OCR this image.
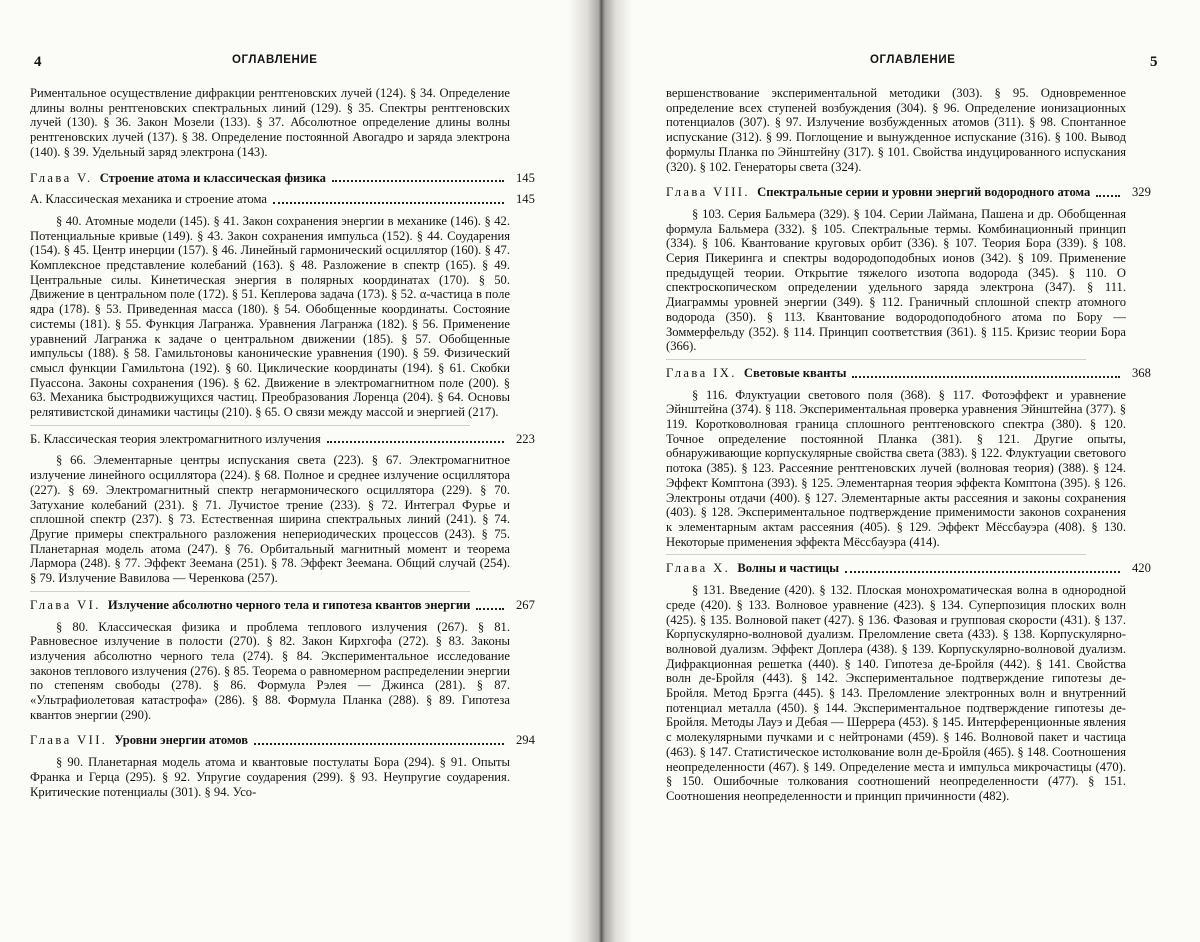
4	ОГЛАВЛЕНИЕ

Риментальное осуществление дифракции рентгеновских лучей (124). § 34. Определение длины волны рентгеновских спектральных линий (129). § 35. Спектры рентгеновских лучей (130). § 36. Закон Мозели (133). § 37. Абсолютное определение длины волны рентгеновских лучей (137). § 38. Определение постоянной Авогадро и заряда электрона (140). § 39. Удельный заряд электрона (143).

Глава V. Строение атома и классическая физика	145
А. Классическая механика и строение атома	145

§ 40. Атомные модели (145). § 41. Закон сохранения энергии в механике (146). § 42. Потенциальные кривые (149). § 43. Закон сохранения импульса (152). § 44. Соударения (154). § 45. Центр инерции (157). § 46. Линейный гармонический осциллятор (160). § 47. Комплексное представление колебаний (163). § 48. Разложение в спектр (165). § 49. Центральные силы. Кинетическая энергия в полярных координатах (170). § 50. Движение в центральном поле (172). § 51. Кеплерова задача (173). § 52. α-частица в поле ядра (178). § 53. Приведенная масса (180). § 54. Обобщенные координаты. Состояние системы (181). § 55. Функция Лагранжа. Уравнения Лагранжа (182). § 56. Применение уравнений Лагранжа к задаче о центральном движении (185). § 57. Обобщенные импульсы (188). § 58. Гамильтоновы канонические уравнения (190). § 59. Физический смысл функции Гамильтона (192). § 60. Циклические координаты (194). § 61. Скобки Пуассона. Законы сохранения (196). § 62. Движение в электромагнитном поле (200). § 63. Механика быстродвижущихся частиц. Преобразования Лоренца (204). § 64. Основы релятивистской динамики частицы (210). § 65. О связи между массой и энергией (217).

Б. Классическая теория электромагнитного излучения	223

§ 66. Элементарные центры испускания света (223). § 67. Электромагнитное излучение линейного осциллятора (224). § 68. Полное и среднее излучение осциллятора (227). § 69. Электромагнитный спектр негармонического осциллятора (229). § 70. Затухание колебаний (231). § 71. Лучистое трение (233). § 72. Интеграл Фурье и сплошной спектр (237). § 73. Естественная ширина спектральных линий (241). § 74. Другие примеры спектрального разложения непериодических процессов (243). § 75. Планетарная модель атома (247). § 76. Орбитальный магнитный момент и теорема Лармора (248). § 77. Эффект Зеемана (251). § 78. Эффект Зеемана. Общий случай (254). § 79. Излучение Вавилова — Черенкова (257).

Глава VI. Излучение абсолютно черного тела и гипотеза квантов энергии	267

§ 80. Классическая физика и проблема теплового излучения (267). § 81. Равновесное излучение в полости (270). § 82. Закон Кирхгофа (272). § 83. Законы излучения абсолютно черного тела (274). § 84. Экспериментальное исследование законов теплового излучения (276). § 85. Теорема о равномерном распределении энергии по степеням свободы (278). § 86. Формула Рэлея — Джинса (281). § 87. «Ультрафиолетовая катастрофа» (286). § 88. Формула Планка (288). § 89. Гипотеза квантов энергии (290).

Глава VII. Уровни энергии атомов	294

§ 90. Планетарная модель атома и квантовые постулаты Бора (294). § 91. Опыты Франка и Герца (295). § 92. Упругие соударения (299). § 93. Неупругие соударения. Критические потенциалы (301). § 94. Усо-

5
ОГЛАВЛЕНИЕ

вершенствование экспериментальной методики (303). § 95. Одновременное определение всех ступеней возбуждения (304). § 96. Определение ионизационных потенциалов (307). § 97. Излучение возбужденных атомов (311). § 98. Спонтанное испускание (312). § 99. Поглощение и вынужденное испускание (316). § 100. Вывод формулы Планка по Эйнштейну (317). § 101. Свойства индуцированного испускания (320). § 102. Генераторы света (324).

Глава VIII. Спектральные серии и уровни энергий водородного атома	329

§ 103. Серия Бальмера (329). § 104. Серии Лаймана, Пашена и др. Обобщенная формула Бальмера (332). § 105. Спектральные термы. Комбинационный принцип (334). § 106. Квантование круговых орбит (336). § 107. Теория Бора (339). § 108. Серия Пикеринга и спектры водородоподобных ионов (342). § 109. Применение предыдущей теории. Открытие тяжелого изотопа водорода (345). § 110. О спектроскопическом определении удельного заряда электрона (347). § 111. Диаграммы уровней энергии (349). § 112. Граничный сплошной спектр атомного водорода (350). § 113. Квантование водородоподобного атома по Бору — Зоммерфельду (352). § 114. Принцип соответствия (361). § 115. Кризис теории Бора (366).

Глава IX. Световые кванты	368

§ 116. Флуктуации светового поля (368). § 117. Фотоэффект и уравнение Эйнштейна (374). § 118. Экспериментальная проверка уравнения Эйнштейна (377). § 119. Коротковолновая граница сплошного рентгеновского спектра (380). § 120. Точное определение постоянной Планка (381). § 121. Другие опыты, обнаруживающие корпускулярные свойства света (383). § 122. Флуктуации светового потока (385). § 123. Рассеяние рентгеновских лучей (волновая теория) (388). § 124. Эффект Комптона (393). § 125. Элементарная теория эффекта Комптона (395). § 126. Электроны отдачи (400). § 127. Элементарные акты рассеяния и законы сохранения (403). § 128. Экспериментальное подтверждение применимости законов сохранения к элементарным актам рассеяния (405). § 129. Эффект Мёссбауэра (408). § 130. Некоторые применения эффекта Мёссбауэра (414).

Глава X. Волны и частицы	420

§ 131. Введение (420). § 132. Плоская монохроматическая волна в однородной среде (420). § 133. Волновое уравнение (423). § 134. Суперпозиция плоских волн (425). § 135. Волновой пакет (427). § 136. Фазовая и групповая скорости (431). § 137. Корпускулярно-волновой дуализм. Преломление света (433). § 138. Корпускулярно-волновой дуализм. Эффект Доплера (438). § 139. Корпускулярно-волновой дуализм. Дифракционная решетка (440). § 140. Гипотеза де-Бройля (442). § 141. Свойства волн де-Бройля (443). § 142. Экспериментальное подтверждение гипотезы де-Бройля. Метод Брэгга (445). § 143. Преломление электронных волн и внутренний потенциал металла (450). § 144. Экспериментальное подтверждение гипотезы де-Бройля. Методы Лауэ и Дебая — Шеррера (453). § 145. Интерференционные явления с молекулярными пучками и с нейтронами (459). § 146. Волновой пакет и частица (463). § 147. Статистическое истолкование волн де-Бройля (465). § 148. Соотношения неопределенности (467). § 149. Определение места и импульса микрочастицы (470). § 150. Ошибочные толкования соотношений неопределенности (477). § 151. Соотношения неопределенности и принцип причинности (482).
